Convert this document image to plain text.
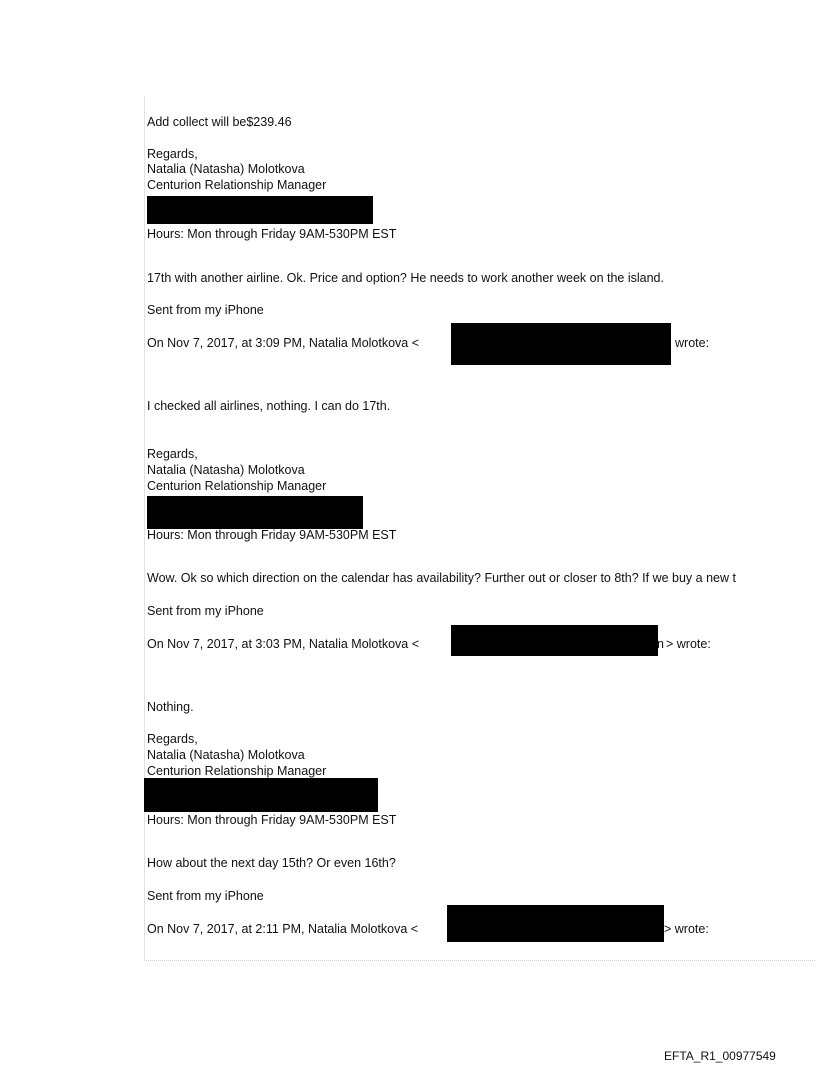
Add collect will be$239.46
Regards,
Natalia (Natasha) Molotkova
Centurion Relationship Manager
Hours: Mon through Friday 9AM-530PM EST
17th with another airline. Ok. Price and option? He needs to work another week on the island.
Sent from my iPhone
On Nov 7, 2017, at 3:09 PM, Natalia Molotkova <	wrote:
I checked all airlines, nothing. I can do 17th.
Regards,
Natalia (Natasha) Molotkova
Centurion Relationship Manager
Hours: Mon through Friday 9AM-530PM EST
Wow. Ok so which direction on the calendar has availability? Further out or closer to 8th? If we buy a new t
Sent from my iPhone
On Nov 7, 2017, at 3:03 PM, Natalia Molotkova <	n > wrote:
Nothing.
Regards,
Natalia (Natasha) Molotkova
Centurion Relationship Manager
Hours: Mon through Friday 9AM-530PM EST
How about the next day 15th? Or even 16th?
Sent from my iPhone
On Nov 7, 2017, at 2:11 PM, Natalia Molotkova <	> wrote:
EFTA_R1_00977549
